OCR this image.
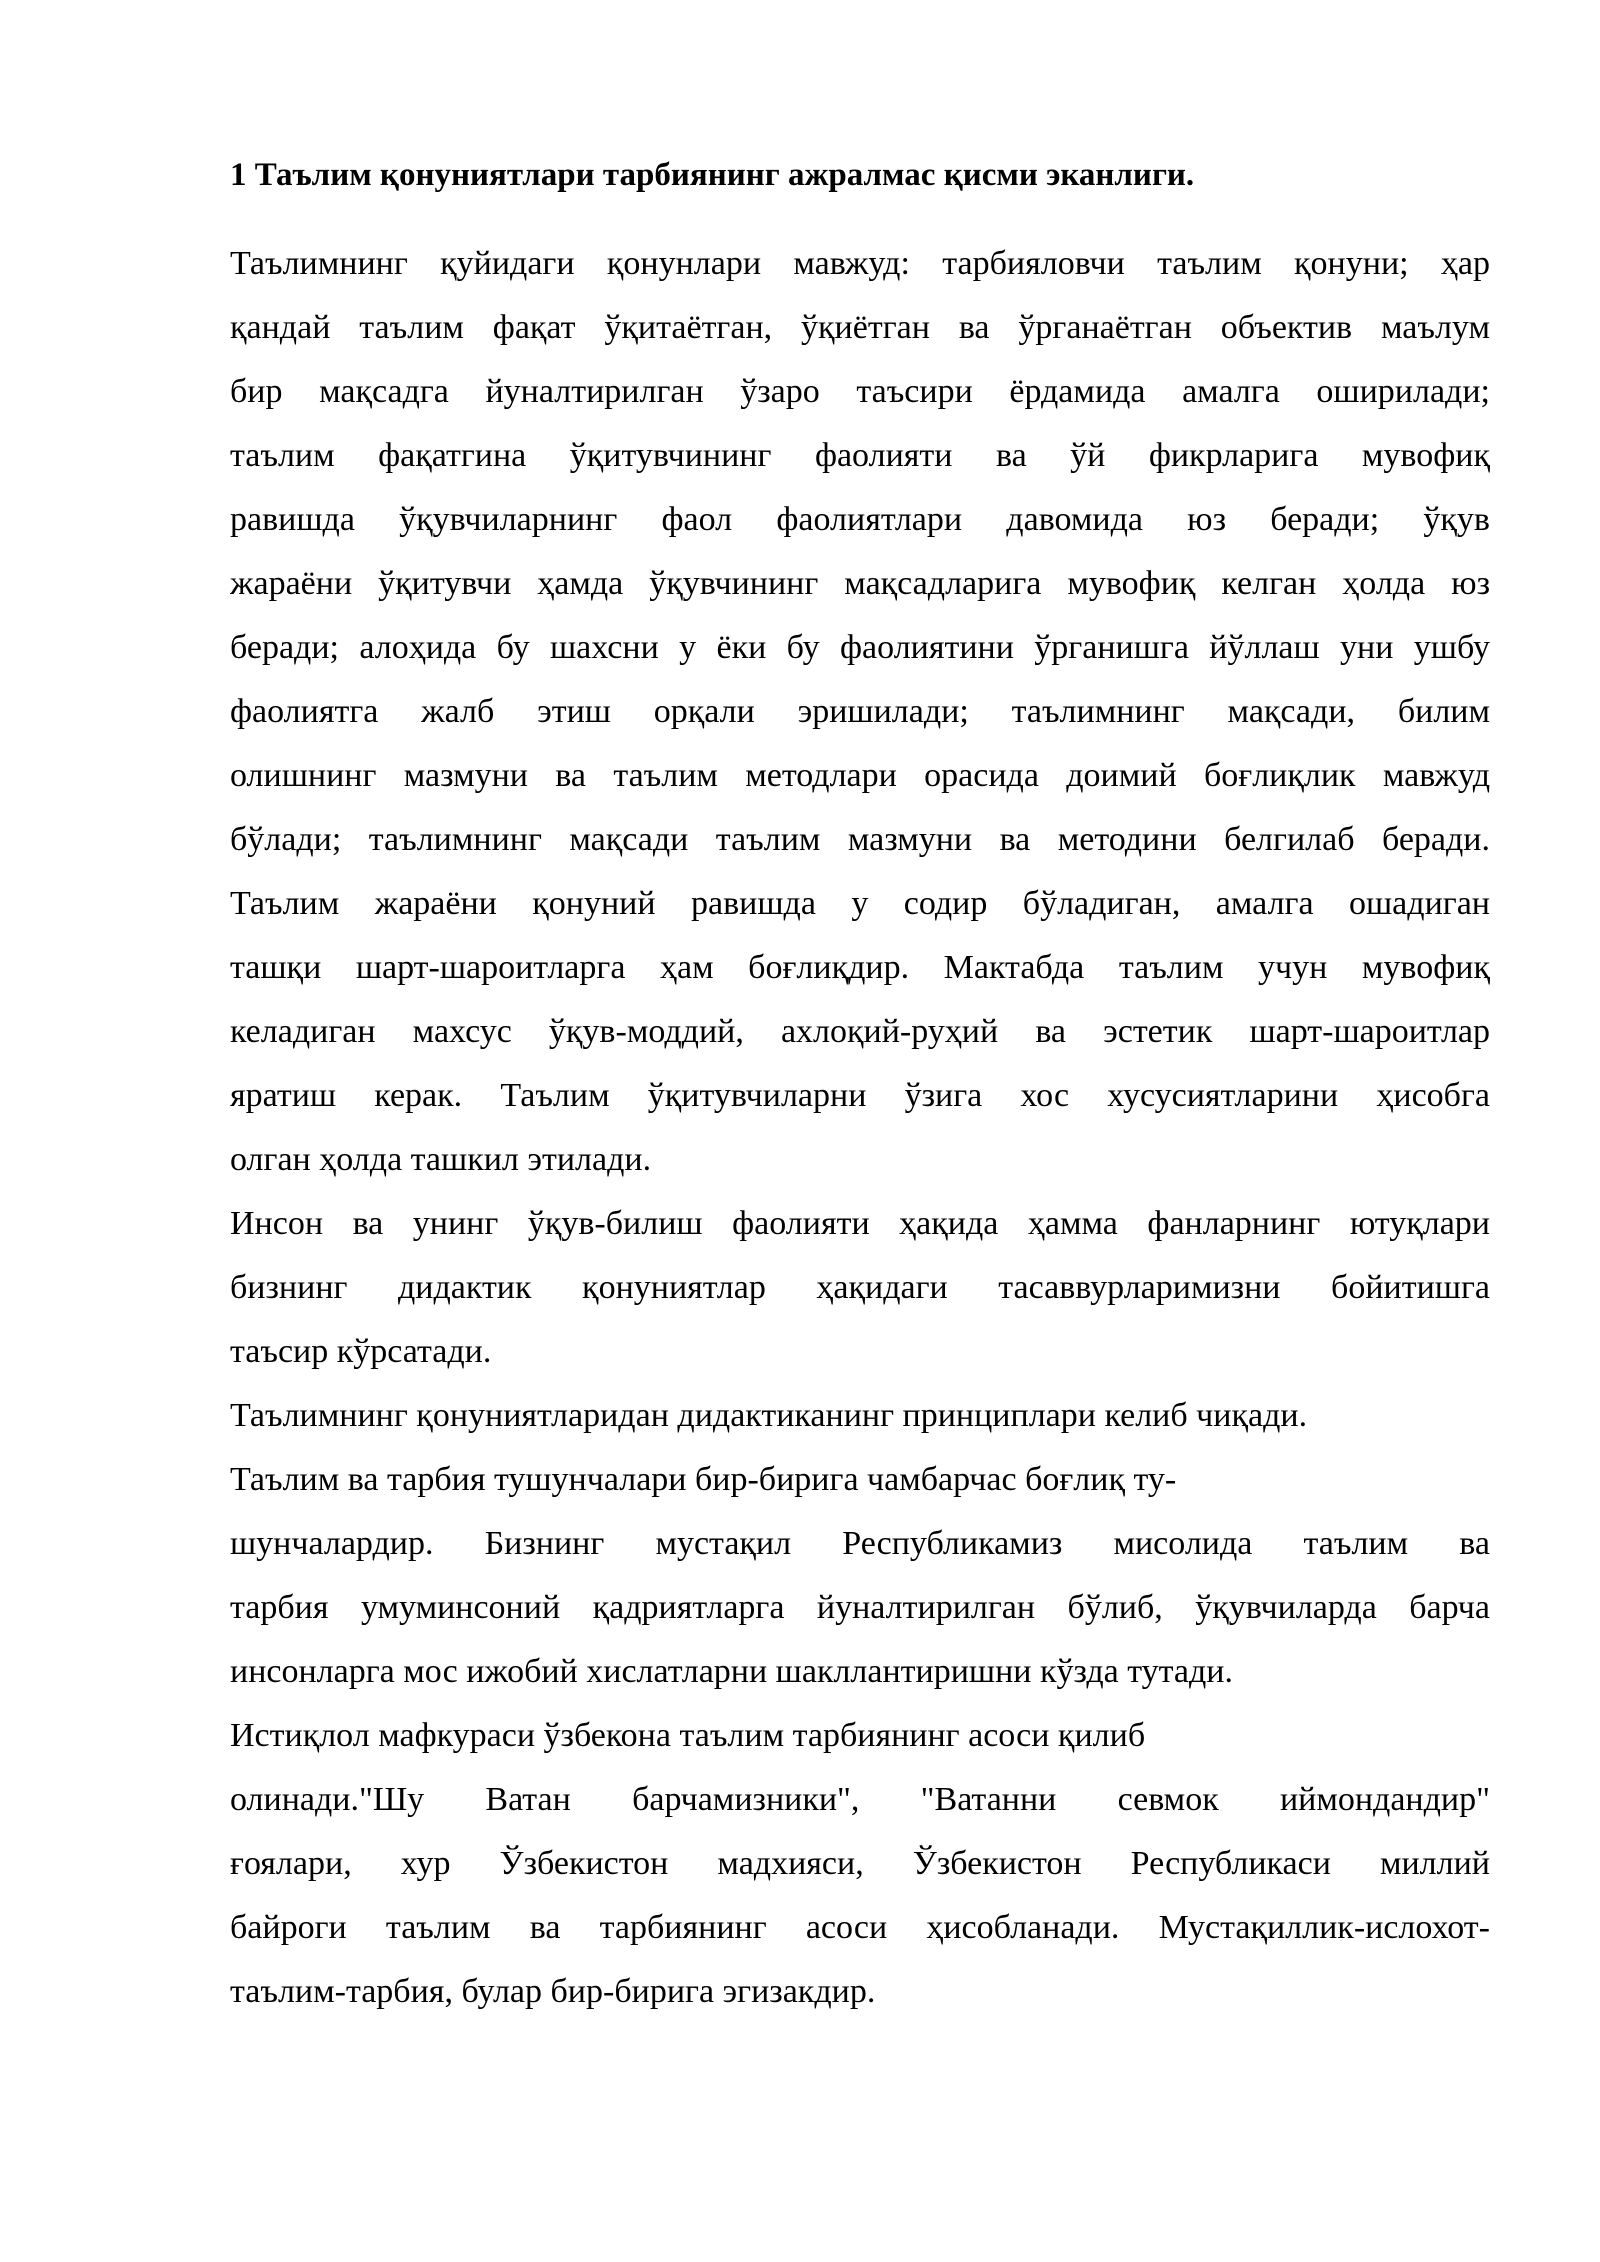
1 Таълим қонуниятлари тарбиянинг ажралмас қисми эканлиги.
Таълимнинг қуйидаги қонунлари мавжуд: тарбияловчи таълим қонуни; ҳар
қандай таълим фақат ўқитаётган, ўқиётган ва ўрганаётган объектив маълум
бир мақсадга йуналтирилган ўзаро таъсири ёрдамида амалга оширилади;
таълим фақатгина ўқитувчининг фаолияти ва ўй фикрларига мувофиқ
равишда ўқувчиларнинг фаол фаолиятлари давомида юз беради; ўқув
жараёни ўқитувчи ҳамда ўқувчининг мақсадларига мувофиқ келган ҳолда юз
беради; алоҳида бу шахсни у ёки бу фаолиятини ўрганишга йўллаш уни ушбу
фаолиятга жалб этиш орқали эришилади; таълимнинг мақсади, билим
олишнинг мазмуни ва таълим методлари орасида доимий боғлиқлик мавжуд
бўлади; таълимнинг мақсади таълим мазмуни ва методини белгилаб беради.
Таълим жараёни қонуний равишда у содир бўладиган, амалга ошадиган
ташқи шарт-шароитларга ҳам боғлиқдир. Мактабда таълим учун мувофиқ
келадиган махсус ўқув-моддий, ахлоқий-руҳий ва эстетик шарт-шароитлар
яратиш керак. Таълим ўқитувчиларни ўзига хос хусусиятларини ҳисобга
олган ҳолда ташкил этилади.
Инсон ва унинг ўқув-билиш фаолияти ҳақида ҳамма фанларнинг ютуқлари
бизнинг дидактик қонуниятлар ҳақидаги тасаввурларимизни бойитишга
таъсир кўрсатади.
Таълимнинг қонуниятларидан дидактиканинг принциплари келиб чиқади.
Таълим ва тарбия тушунчалари бир-бирига чамбарчас боғлиқ ту-
шунчалардир. Бизнинг мустақил Республикамиз мисолида таълим ва
тарбия умуминсоний қадриятларга йуналтирилган бўлиб, ўқувчиларда барча
инсонларга мос ижобий хислатларни шакллантиришни кўзда тутади.
Истиқлол мафкураси ўзбекона таълим тарбиянинг асоси қилиб
олинади."Шу Ватан барчамизники", "Ватанни севмок иймондандир"
ғоялари, хур Ўзбекистон мадхияси, Ўзбекистон Республикаси миллий
байроги таълим ва тарбиянинг асоси ҳисобланади. Мустақиллик-ислохот-
таълим-тарбия, булар бир-бирига эгизакдир.
